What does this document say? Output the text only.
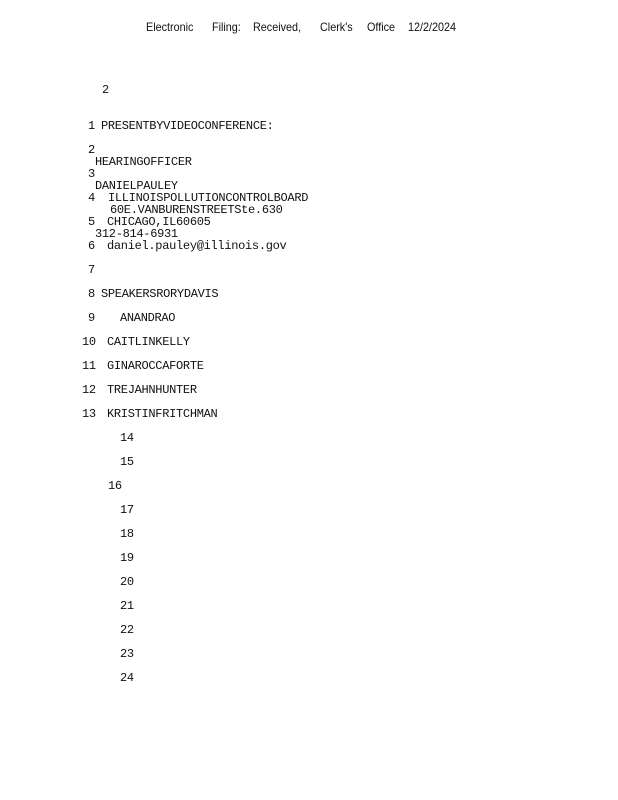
Electronic Filing: Received, Clerk's Office 12/2/2024
2
1 PRESENTBYVIDEOCONFERENCE:
2
HEARINGOFFICER
3
DANIELPAULEY
4 ILLINOISPOLLUTIONCONTROLBOARD
60E.VANBURENSTREETSte.630
5 CHICAGO,IL60605
312-814-6931
6 daniel.pauley@illinois.gov
7
8 SPEAKERSRORYDAVIS
9 ANANDRAO
10 CAITLINKELLY
11 GINAROCCAFORTE
12 TREJAHNHUNTER
13 KRISTINFRITCHMAN
14
15
16
17
18
19
20
21
22
23
24
